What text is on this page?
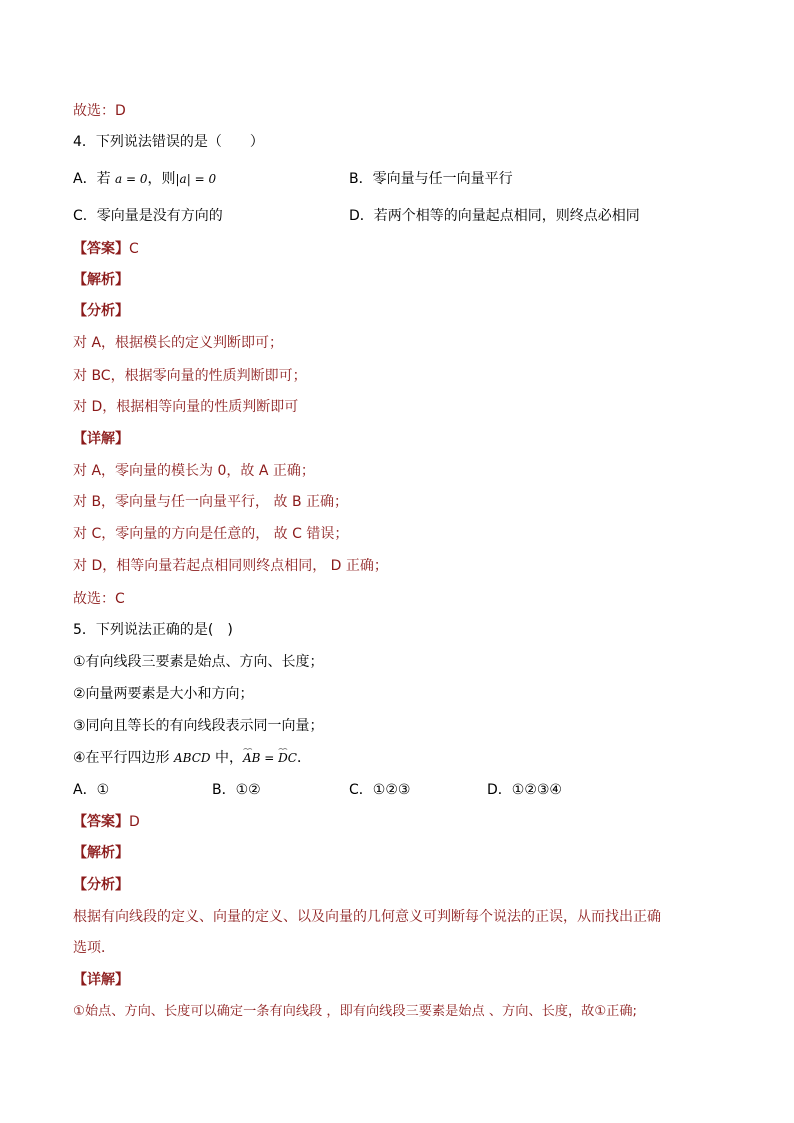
故选：D
4．下列说法错误的是（　　）
A．若 a = 0，则|a| = 0	B．零向量与任一向量平行
C．零向量是没有方向的	D．若两个相等的向量起点相同，则终点必相同
【答案】C
【解析】
【分析】
对 A，根据模长的定义判断即可；
对 BC，根据零向量的性质判断即可；
对 D，根据相等向量的性质判断即可
【详解】
对 A，零向量的模长为 0，故 A 正确；
对 B，零向量与任一向量平行， 故 B 正确；
对 C，零向量的方向是任意的， 故 C 错误；
对 D，相等向量若起点相同则终点相同， D 正确；
故选：C
5．下列说法正确的是(　)
①有向线段三要素是始点、方向、长度；
②向量两要素是大小和方向；
③同向且等长的有向线段表示同一向量；
④在平行四边形 ABCD 中，
⌢⌢
AB =
⌢⌢
DC．
A．①	B．①②	C．①②③	D．①②③④
【答案】D
【解析】
【分析】
根据有向线段的定义、向量的定义、以及向量的几何意义可判断每个说法的正误，从而找出正确
选项．
【详解】
①始点、方向、长度可以确定一条有向线段 ，即有向线段三要素是始点 、方向、长度，故①正确;
